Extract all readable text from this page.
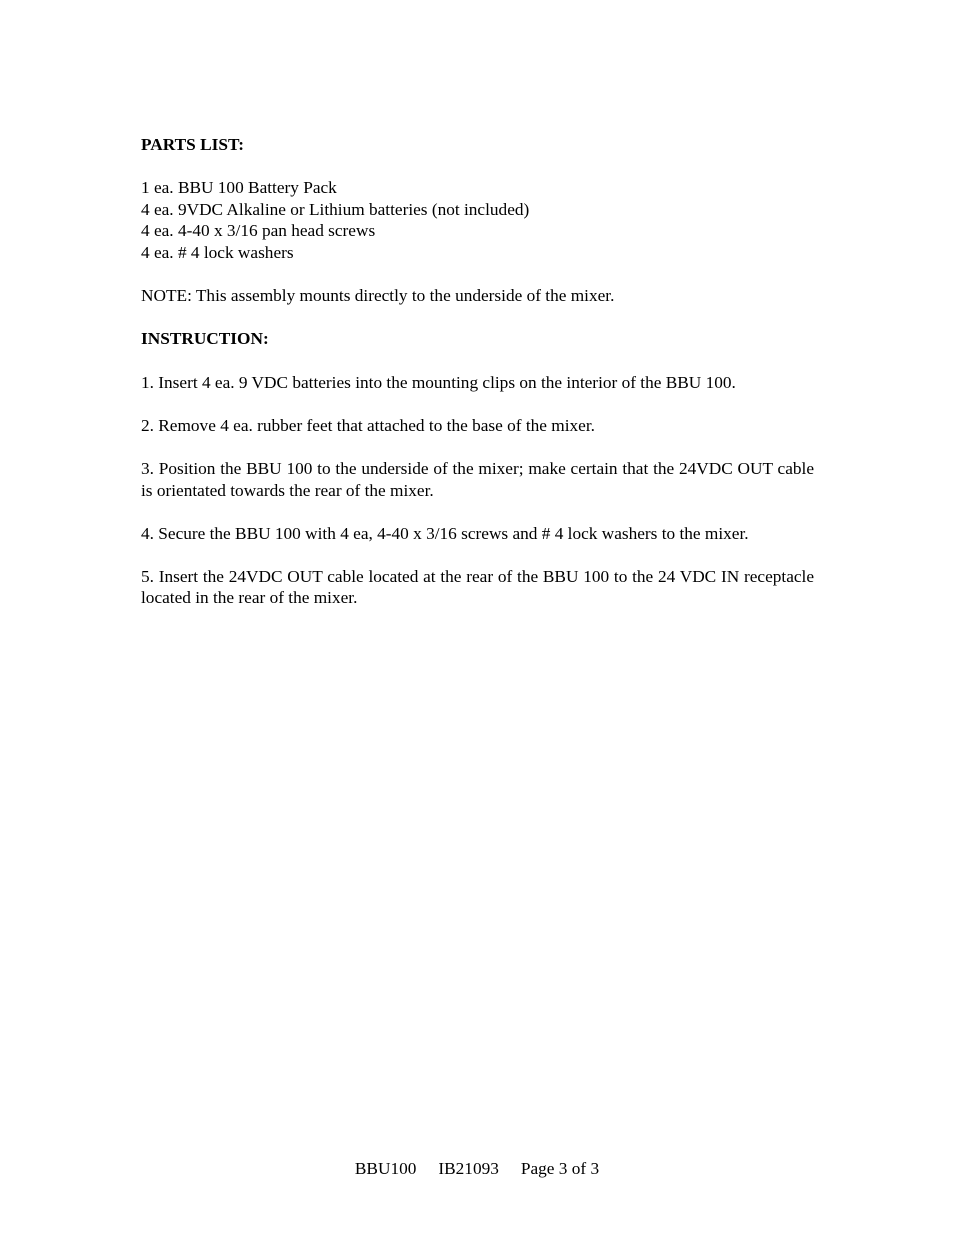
PARTS LIST:

1 ea. BBU 100 Battery Pack

4 ea. 9VDC Alkaline or Lithium batteries (not included)

4 ea. 4-40 x 3/16 pan head screws

4 ea. # 4 lock washers

NOTE: This assembly mounts directly to the underside of the mixer.

INSTRUCTION:

1. Insert 4 ea. 9 VDC batteries into the mounting clips on the interior of the BBU 100.

2. Remove 4 ea. rubber feet that attached to the base of the mixer.

3. Position the BBU 100 to the underside of the mixer; make certain that the 24VDC OUT cable is orientated towards the rear of the mixer.

4. Secure the BBU 100 with 4 ea, 4-40 x 3/16 screws and # 4 lock washers to the mixer.

5. Insert the 24VDC OUT cable located at the rear of the BBU 100 to the 24 VDC IN receptacle located in the rear of the mixer.

BBU100 IB21093 Page 3 of 3
